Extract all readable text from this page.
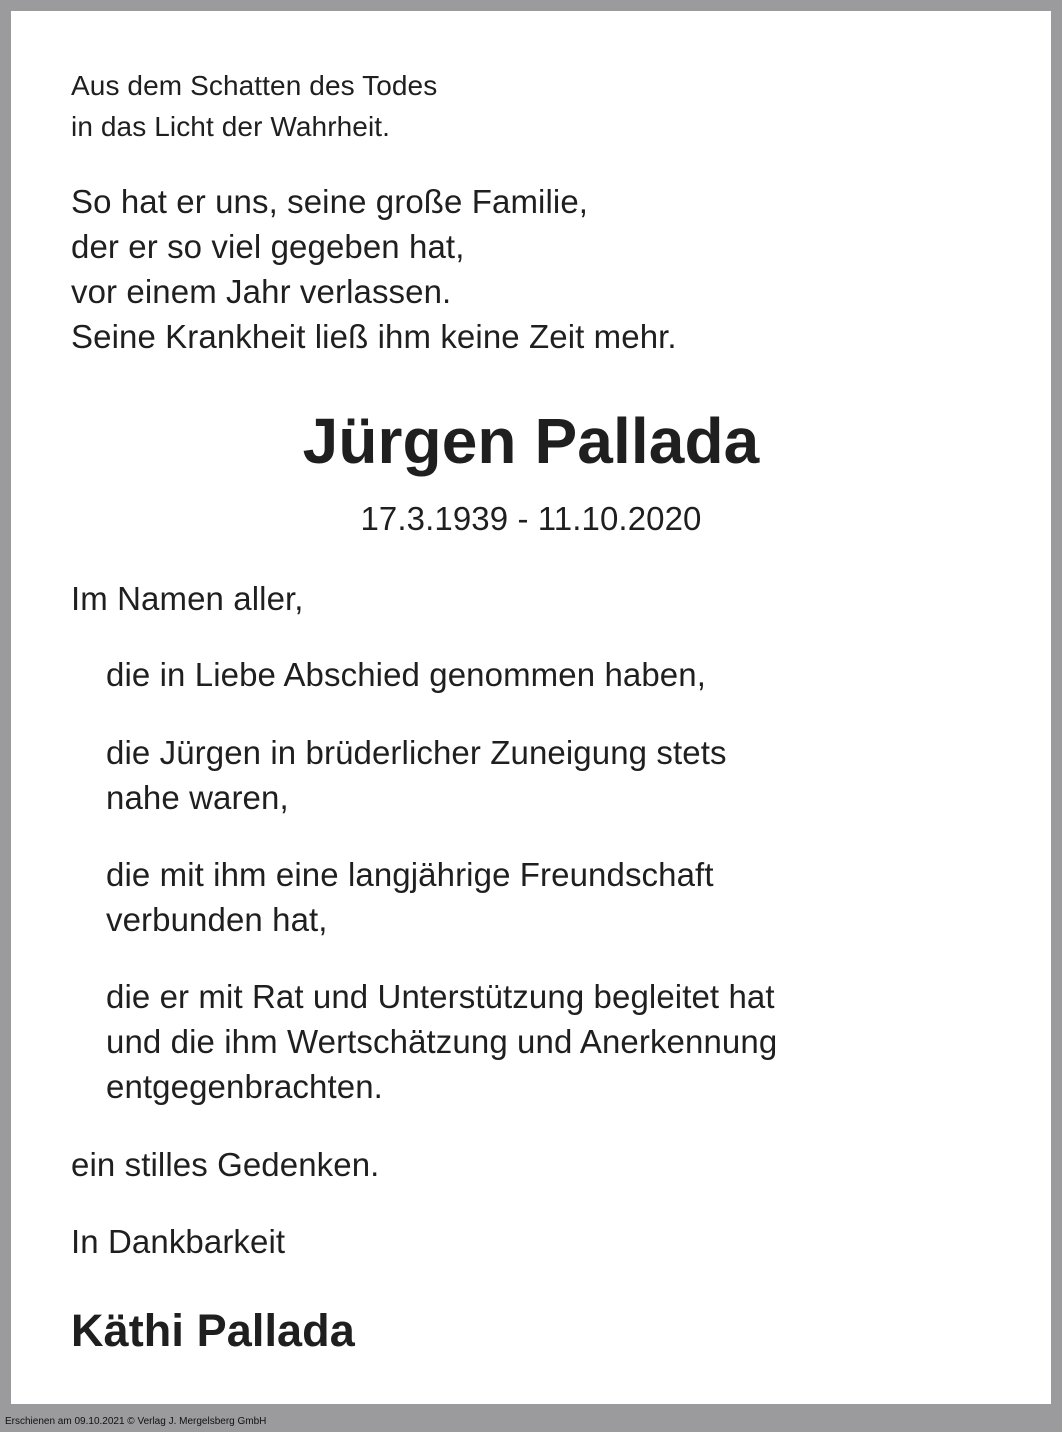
Aus dem Schatten des Todes
in das Licht der Wahrheit.
So hat er uns, seine große Familie,
der er so viel gegeben hat,
vor einem Jahr verlassen.
Seine Krankheit ließ ihm keine Zeit mehr.
Jürgen Pallada
17.3.1939 - 11.10.2020
Im Namen aller,
die in Liebe Abschied genommen haben,
die Jürgen in brüderlicher Zuneigung stets
nahe waren,
die mit ihm eine langjährige Freundschaft
verbunden hat,
die er mit Rat und Unterstützung begleitet hat
und die ihm Wertschätzung und Anerkennung
entgegenbrachten.
ein stilles Gedenken.
In Dankbarkeit
Käthi Pallada
Erschienen am 09.10.2021 © Verlag J. Mergelsberg GmbH
